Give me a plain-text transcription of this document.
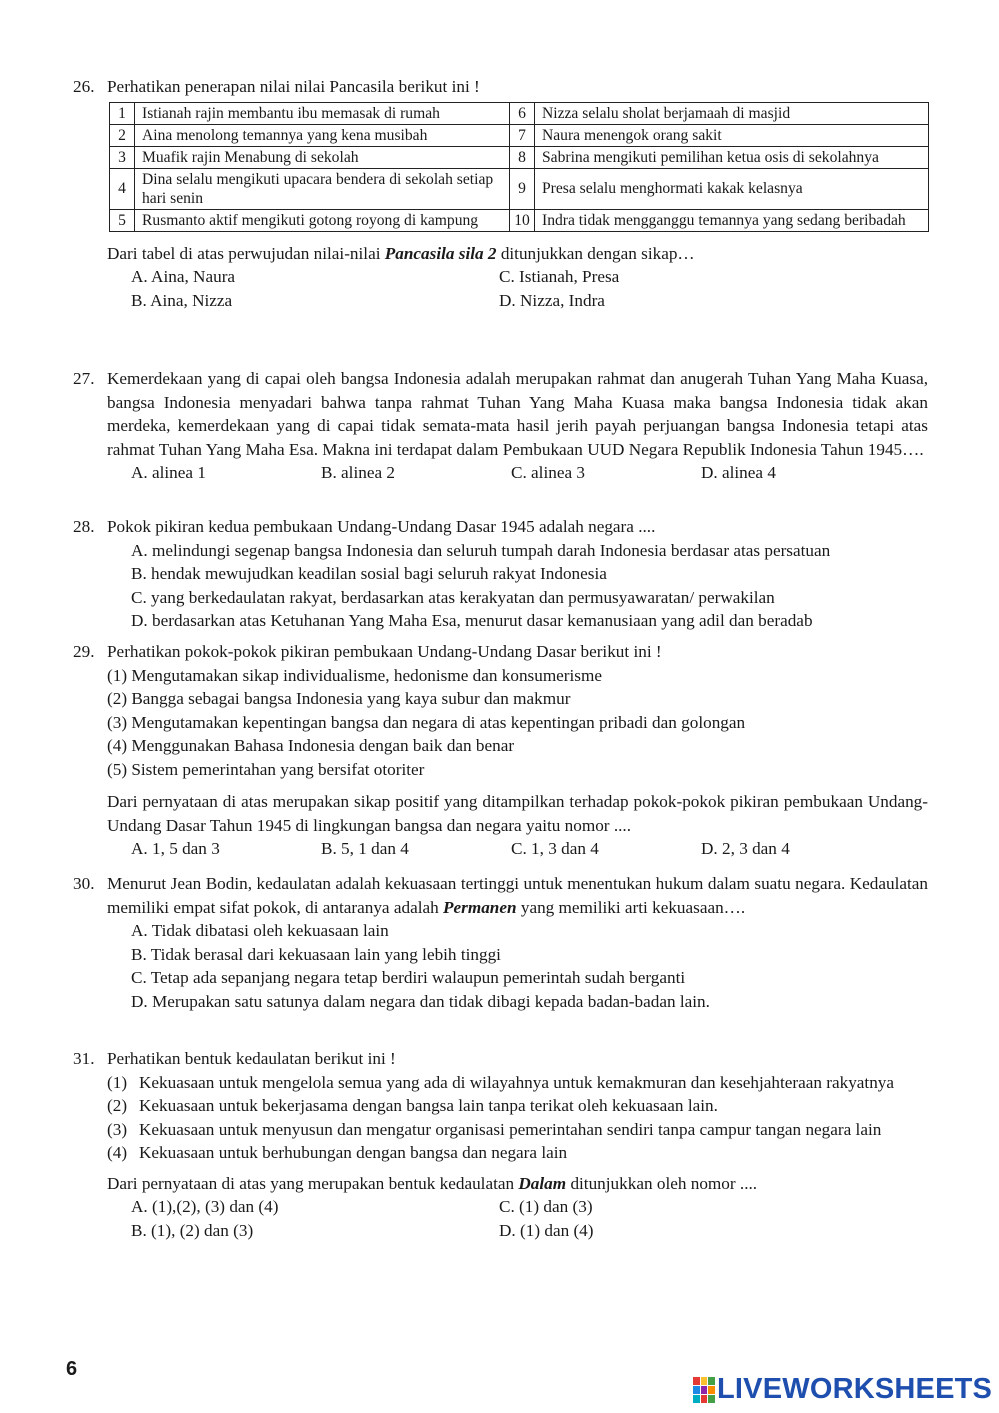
26. Perhatikan penerapan nilai nilai Pancasila berikut ini !
1	Istianah rajin membantu ibu memasak di rumah	6	Nizza selalu sholat berjamaah di masjid
2	Aina menolong temannya yang kena musibah	7	Naura menengok orang sakit
3	Muafik rajin Menabung di sekolah	8	Sabrina mengikuti pemilihan ketua osis di sekolahnya
4	Dina selalu mengikuti upacara bendera di sekolah setiap hari senin	9	Presa selalu menghormati kakak kelasnya
5	Rusmanto aktif mengikuti gotong royong di kampung	10	Indra tidak mengganggu temannya yang sedang beribadah
Dari tabel di atas perwujudan nilai-nilai Pancasila sila 2 ditunjukkan dengan sikap…
A. Aina, Naura	C. Istianah, Presa
B. Aina, Nizza	D. Nizza, Indra
27. Kemerdekaan yang di capai oleh bangsa Indonesia adalah merupakan rahmat dan anugerah Tuhan Yang Maha Kuasa, bangsa Indonesia menyadari bahwa tanpa rahmat Tuhan Yang Maha Kuasa maka bangsa Indonesia tidak akan merdeka, kemerdekaan yang di capai tidak semata-mata hasil jerih payah perjuangan bangsa Indonesia tetapi atas rahmat Tuhan Yang Maha Esa. Makna ini terdapat dalam Pembukaan UUD Negara Republik Indonesia Tahun 1945….
A. alinea 1	B. alinea 2	C. alinea 3	D. alinea 4
28. Pokok pikiran kedua pembukaan Undang-Undang Dasar 1945 adalah negara ....
A. melindungi segenap bangsa Indonesia dan seluruh tumpah darah Indonesia berdasar atas persatuan
B. hendak mewujudkan keadilan sosial bagi seluruh rakyat Indonesia
C. yang berkedaulatan rakyat, berdasarkan atas kerakyatan dan permusyawaratan/ perwakilan
D. berdasarkan atas Ketuhanan Yang Maha Esa, menurut dasar kemanusiaan yang adil dan beradab
29. Perhatikan pokok-pokok pikiran pembukaan Undang-Undang Dasar berikut ini !
(1) Mengutamakan sikap individualisme, hedonisme dan konsumerisme
(2) Bangga sebagai bangsa Indonesia yang kaya subur dan makmur
(3) Mengutamakan kepentingan bangsa dan negara di atas kepentingan pribadi dan golongan
(4) Menggunakan Bahasa Indonesia dengan baik dan benar
(5) Sistem pemerintahan yang bersifat otoriter
Dari pernyataan di atas merupakan sikap positif yang ditampilkan terhadap pokok-pokok pikiran pembukaan Undang-Undang Dasar Tahun 1945 di lingkungan bangsa dan negara yaitu nomor ....
A. 1, 5 dan 3	B. 5, 1 dan 4	C. 1, 3 dan 4	D. 2, 3 dan 4
30. Menurut Jean Bodin, kedaulatan adalah kekuasaan tertinggi untuk menentukan hukum dalam suatu negara. Kedaulatan memiliki empat sifat pokok, di antaranya adalah Permanen yang memiliki arti kekuasaan….
A. Tidak dibatasi oleh kekuasaan lain
B. Tidak berasal dari kekuasaan lain yang lebih tinggi
C. Tetap ada sepanjang negara tetap berdiri walaupun pemerintah sudah berganti
D. Merupakan satu satunya dalam negara dan tidak dibagi kepada badan-badan lain.
31. Perhatikan bentuk kedaulatan berikut ini !
(1) Kekuasaan untuk mengelola semua yang ada di wilayahnya untuk kemakmuran dan kesehjahteraan rakyatnya
(2) Kekuasaan untuk bekerjasama dengan bangsa lain tanpa terikat oleh kekuasaan lain.
(3) Kekuasaan untuk menyusun dan mengatur organisasi pemerintahan sendiri tanpa campur tangan negara lain
(4) Kekuasaan untuk berhubungan dengan bangsa dan negara lain
Dari pernyataan di atas yang merupakan bentuk kedaulatan Dalam ditunjukkan oleh nomor ....
A. (1),(2), (3) dan (4)	C. (1) dan (3)
B. (1), (2) dan (3)	D. (1) dan (4)
6
LIVEWORKSHEETS
